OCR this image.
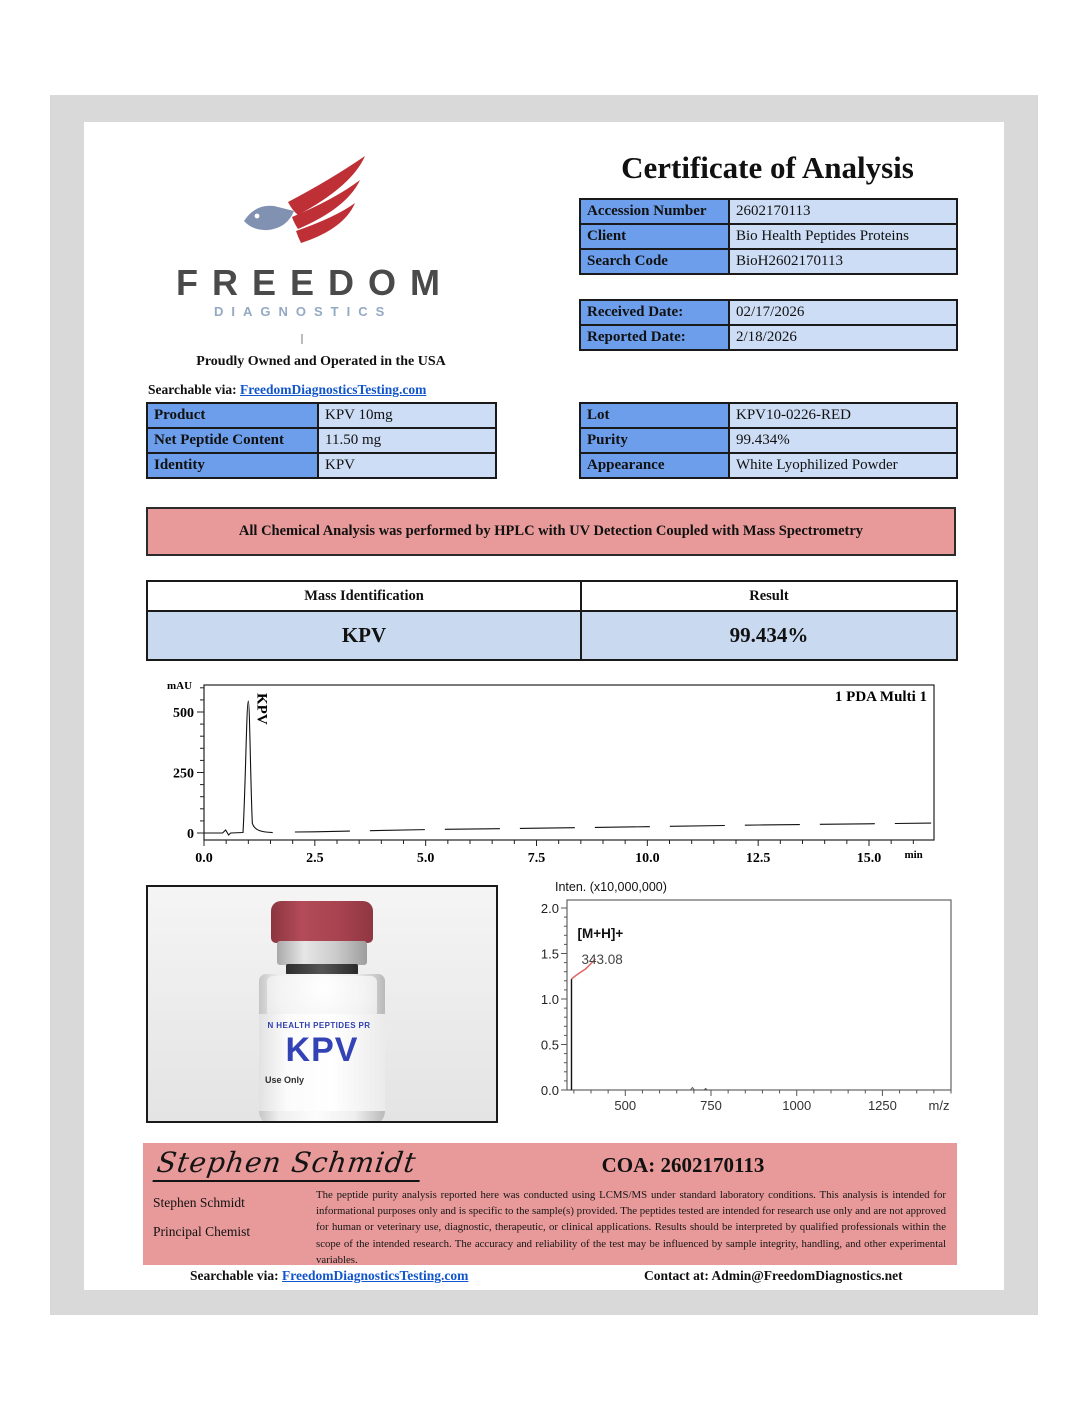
FREEDOM
DIAGNOSTICS
Proudly Owned and Operated in the USA
Searchable via: FreedomDiagnosticsTesting.com
Certificate of Analysis
Accession Number	2602170113
Client	Bio Health Peptides Proteins
Search Code	BioH2602170113
Received Date:	02/17/2026
Reported Date:	2/18/2026
Product	KPV 10mg
Net Peptide Content	11.50 mg
Identity	KPV
Lot	KPV10-0226-RED
Purity	99.434%
Appearance	White Lyophilized Powder
All Chemical Analysis was performed by HPLC with UV Detection Coupled with Mass Spectrometry
Mass Identification	Result
KPV	99.434%
0
250
500
mAU
0.0	2.5	5.0	7.5	10.0	12.5	15.0 min
1 PDA Multi 1
KPV
N HEALTH PEPTIDES PR
KPV
Use Only
0.0
0.5
1.0
1.5
2.0
Inten. (x10,000,000)
500	750	1000	1250 m/z
[M+H]+
343.08
Stephen Schmidt	COA: 2602170113
Stephen Schmidt
Principal Chemist
The peptide purity analysis reported here was conducted using LCMS/MS under standard laboratory conditions. This analysis is intended for informational purposes only and is specific to the sample(s) provided. The peptides tested are intended for research use only and are not approved for human or veterinary use, diagnostic, therapeutic, or clinical applications. Results should be interpreted by qualified professionals within the scope of the intended research. The accuracy and reliability of the test may be influenced by sample integrity, handling, and other experimental variables.
Searchable via: FreedomDiagnosticsTesting.com	Contact at: Admin@FreedomDiagnostics.net
